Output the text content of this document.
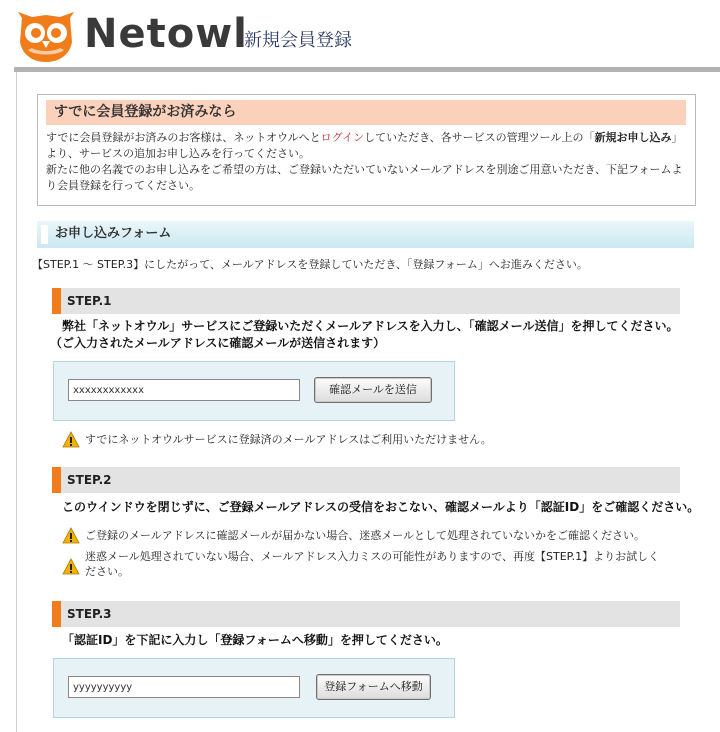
Netowl
新規会員登録
すでに会員登録がお済みなら
すでに会員登録がお済みのお客様は、ネットオウルへとログインしていただき、各サービスの管理ツール上の「新規お申し込み」より、サービスの追加お申し込みを行ってください。
新たに他の名義でのお申し込みをご希望の方は、ご登録いただいていないメールアドレスを別途ご用意いただき、下記フォームより会員登録を行ってください。
お申し込みフォーム
【STEP.1 ～ STEP.3】にしたがって、メールアドレスを登録していただき、「登録フォーム」へお進みください。
STEP.1
弊社「ネットオウル」サービスにご登録いただくメールアドレスを入力し、「確認メール送信」を押してください。
（ご入力されたメールアドレスに確認メールが送信されます）
xxxxxxxxxxxx
確認メールを送信
すでにネットオウルサービスに登録済のメールアドレスはご利用いただけません。
STEP.2
このウインドウを閉じずに、ご登録メールアドレスの受信をおこない、確認メールより「認証ID」をご確認ください。
ご登録のメールアドレスに確認メールが届かない場合、迷惑メールとして処理されていないかをご確認ください。
迷惑メール処理されていない場合、メールアドレス入力ミスの可能性がありますので、再度【STEP.1】よりお試しください。
STEP.3
「認証ID」を下記に入力し「登録フォームへ移動」を押してください。
yyyyyyyyyy
登録フォームへ移動
